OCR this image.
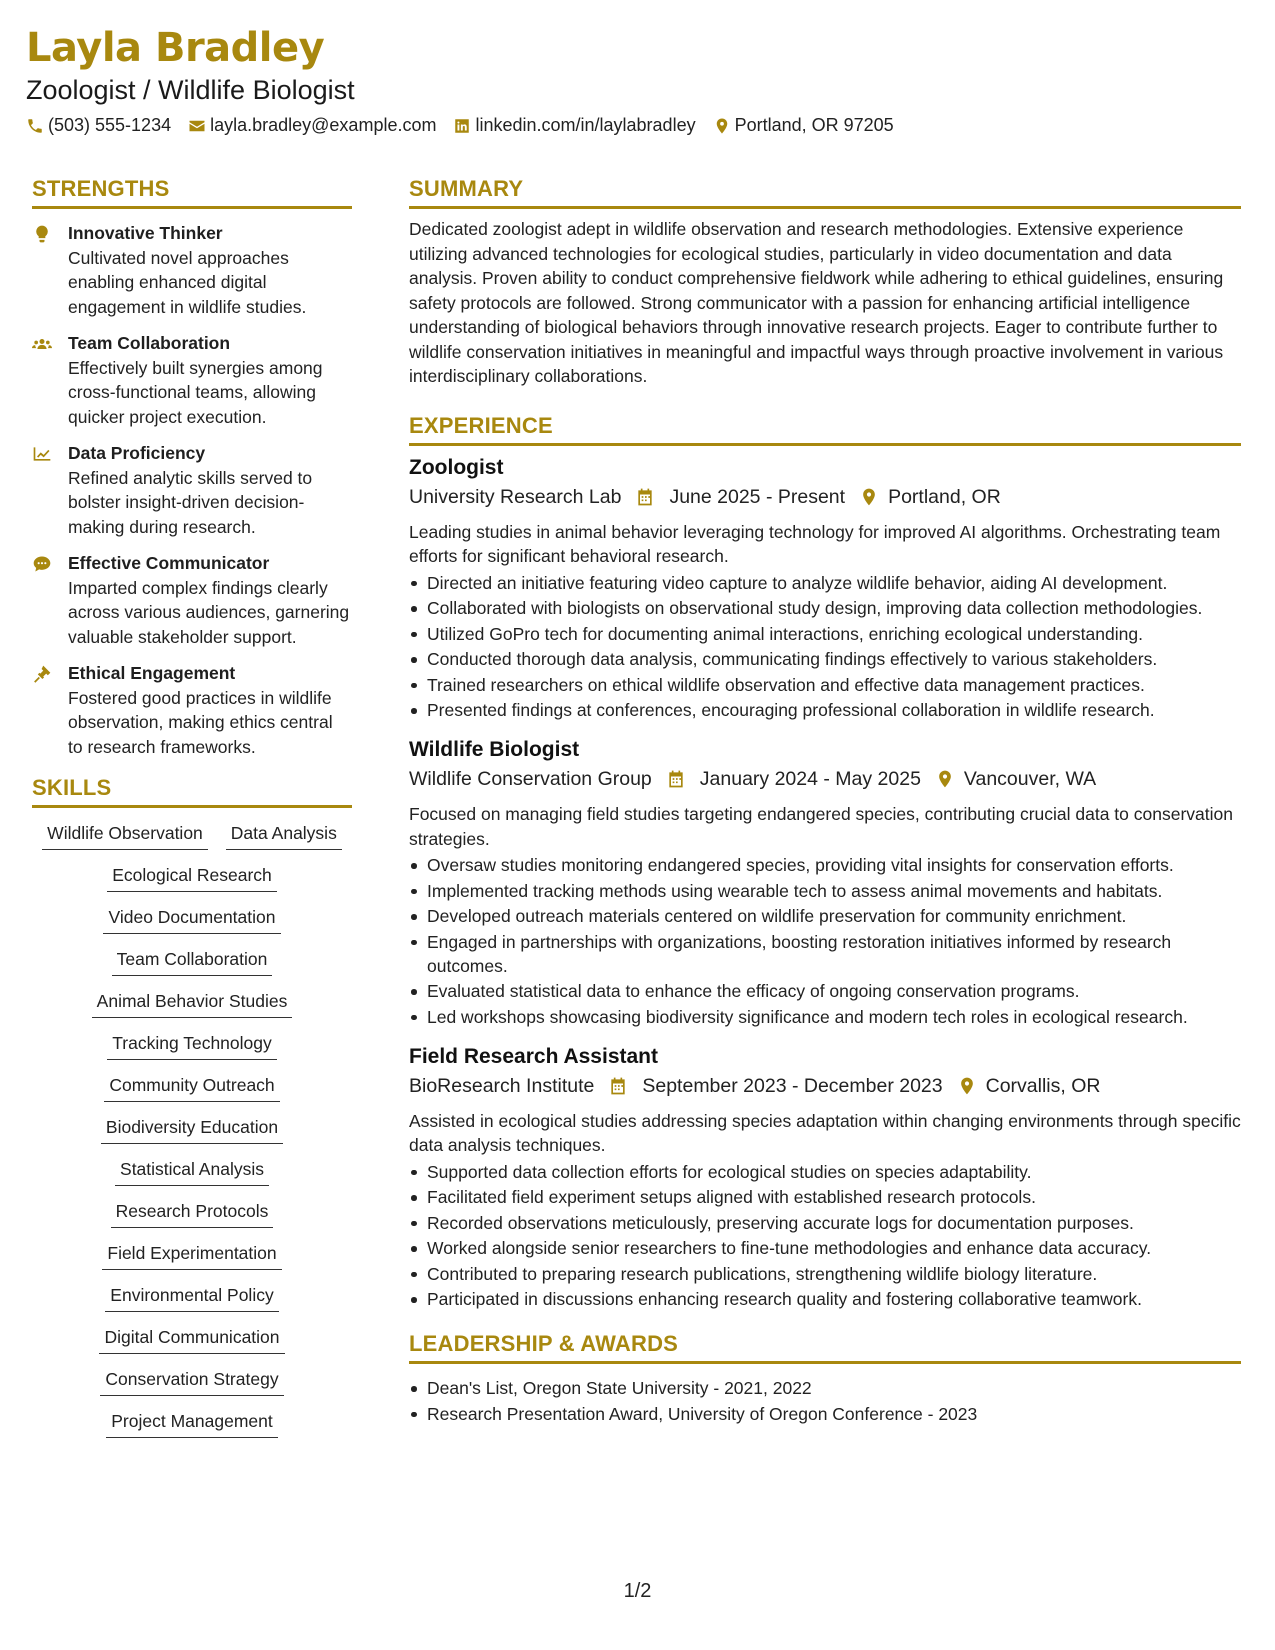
Layla Bradley
Zoologist / Wildlife Biologist
(503) 555-1234 layla.bradley@example.com linkedin.com/in/laylabradley Portland, OR 97205
STRENGTHS
Innovative Thinker
Cultivated novel approaches enabling enhanced digital engagement in wildlife studies.
Team Collaboration
Effectively built synergies among cross-functional teams, allowing quicker project execution.
Data Proficiency
Refined analytic skills served to bolster insight-driven decision-making during research.
Effective Communicator
Imparted complex findings clearly across various audiences, garnering valuable stakeholder support.
Ethical Engagement
Fostered good practices in wildlife observation, making ethics central to research frameworks.
SKILLS
Wildlife Observation Data Analysis
Ecological Research
Video Documentation
Team Collaboration
Animal Behavior Studies
Tracking Technology
Community Outreach
Biodiversity Education
Statistical Analysis
Research Protocols
Field Experimentation
Environmental Policy
Digital Communication
Conservation Strategy
Project Management
SUMMARY
Dedicated zoologist adept in wildlife observation and research methodologies. Extensive experience utilizing advanced technologies for ecological studies, particularly in video documentation and data analysis. Proven ability to conduct comprehensive fieldwork while adhering to ethical guidelines, ensuring safety protocols are followed. Strong communicator with a passion for enhancing artificial intelligence understanding of biological behaviors through innovative research projects. Eager to contribute further to wildlife conservation initiatives in meaningful and impactful ways through proactive involvement in various interdisciplinary collaborations.
EXPERIENCE
Zoologist
University Research Lab June 2025 - Present Portland, OR
Leading studies in animal behavior leveraging technology for improved AI algorithms. Orchestrating team efforts for significant behavioral research.
Directed an initiative featuring video capture to analyze wildlife behavior, aiding AI development.
Collaborated with biologists on observational study design, improving data collection methodologies.
Utilized GoPro tech for documenting animal interactions, enriching ecological understanding.
Conducted thorough data analysis, communicating findings effectively to various stakeholders.
Trained researchers on ethical wildlife observation and effective data management practices.
Presented findings at conferences, encouraging professional collaboration in wildlife research.
Wildlife Biologist
Wildlife Conservation Group January 2024 - May 2025 Vancouver, WA
Focused on managing field studies targeting endangered species, contributing crucial data to conservation strategies.
Oversaw studies monitoring endangered species, providing vital insights for conservation efforts.
Implemented tracking methods using wearable tech to assess animal movements and habitats.
Developed outreach materials centered on wildlife preservation for community enrichment.
Engaged in partnerships with organizations, boosting restoration initiatives informed by research outcomes.
Evaluated statistical data to enhance the efficacy of ongoing conservation programs.
Led workshops showcasing biodiversity significance and modern tech roles in ecological research.
Field Research Assistant
BioResearch Institute September 2023 - December 2023 Corvallis, OR
Assisted in ecological studies addressing species adaptation within changing environments through specific data analysis techniques.
Supported data collection efforts for ecological studies on species adaptability.
Facilitated field experiment setups aligned with established research protocols.
Recorded observations meticulously, preserving accurate logs for documentation purposes.
Worked alongside senior researchers to fine-tune methodologies and enhance data accuracy.
Contributed to preparing research publications, strengthening wildlife biology literature.
Participated in discussions enhancing research quality and fostering collaborative teamwork.
LEADERSHIP & AWARDS
Dean's List, Oregon State University - 2021, 2022
Research Presentation Award, University of Oregon Conference - 2023
1/2
